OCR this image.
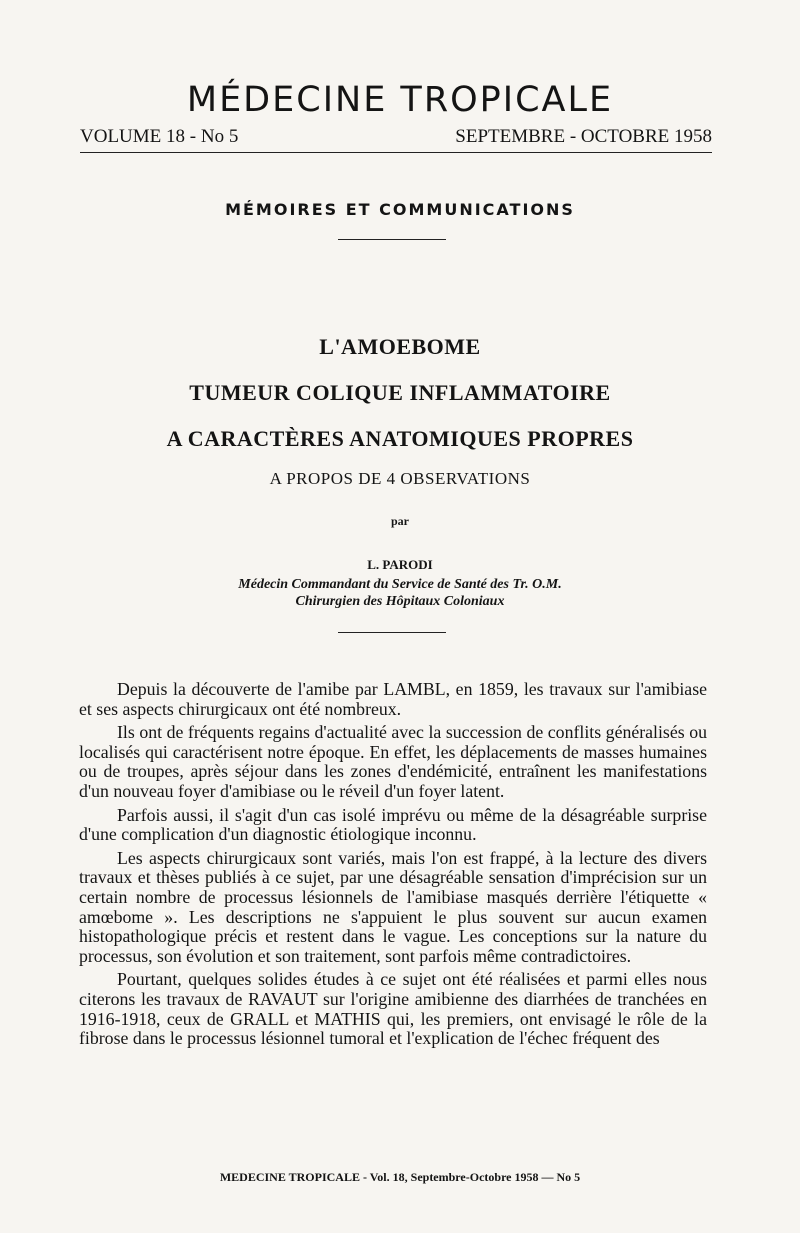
MÉDECINE TROPICALE
VOLUME 18 - No 5	SEPTEMBRE - OCTOBRE 1958
MÉMOIRES ET COMMUNICATIONS
L'AMOEBOME
TUMEUR COLIQUE INFLAMMATOIRE
A CARACTÈRES ANATOMIQUES PROPRES
A PROPOS DE 4 OBSERVATIONS
par
L. PARODI
Médecin Commandant du Service de Santé des Tr. O.M.
Chirurgien des Hôpitaux Coloniaux

Depuis la découverte de l'amibe par LAMBL, en 1859, les travaux sur l'amibiase et ses aspects chirurgicaux ont été nombreux.

Ils ont de fréquents regains d'actualité avec la succession de conflits généralisés ou localisés qui caractérisent notre époque. En effet, les déplacements de masses humaines ou de troupes, après séjour dans les zones d'endémicité, entraînent les manifestations d'un nouveau foyer d'amibiase ou le réveil d'un foyer latent.

Parfois aussi, il s'agit d'un cas isolé imprévu ou même de la désagréable surprise d'une complication d'un diagnostic étiologique inconnu.

Les aspects chirurgicaux sont variés, mais l'on est frappé, à la lecture des divers travaux et thèses publiés à ce sujet, par une désagréable sensation d'imprécision sur un certain nombre de processus lésionnels de l'amibiase masqués derrière l'étiquette « amœbome ». Les descriptions ne s'appuient le plus souvent sur aucun examen histopathologique précis et restent dans le vague. Les conceptions sur la nature du processus, son évolution et son traitement, sont parfois même contradictoires.

Pourtant, quelques solides études à ce sujet ont été réalisées et parmi elles nous citerons les travaux de RAVAUT sur l'origine amibienne des diarrhées de tranchées en 1916-1918, ceux de GRALL et MATHIS qui, les premiers, ont envisagé le rôle de la fibrose dans le processus lésionnel tumoral et l'explication de l'échec fréquent des

MEDECINE TROPICALE - Vol. 18, Septembre-Octobre 1958 — No 5
